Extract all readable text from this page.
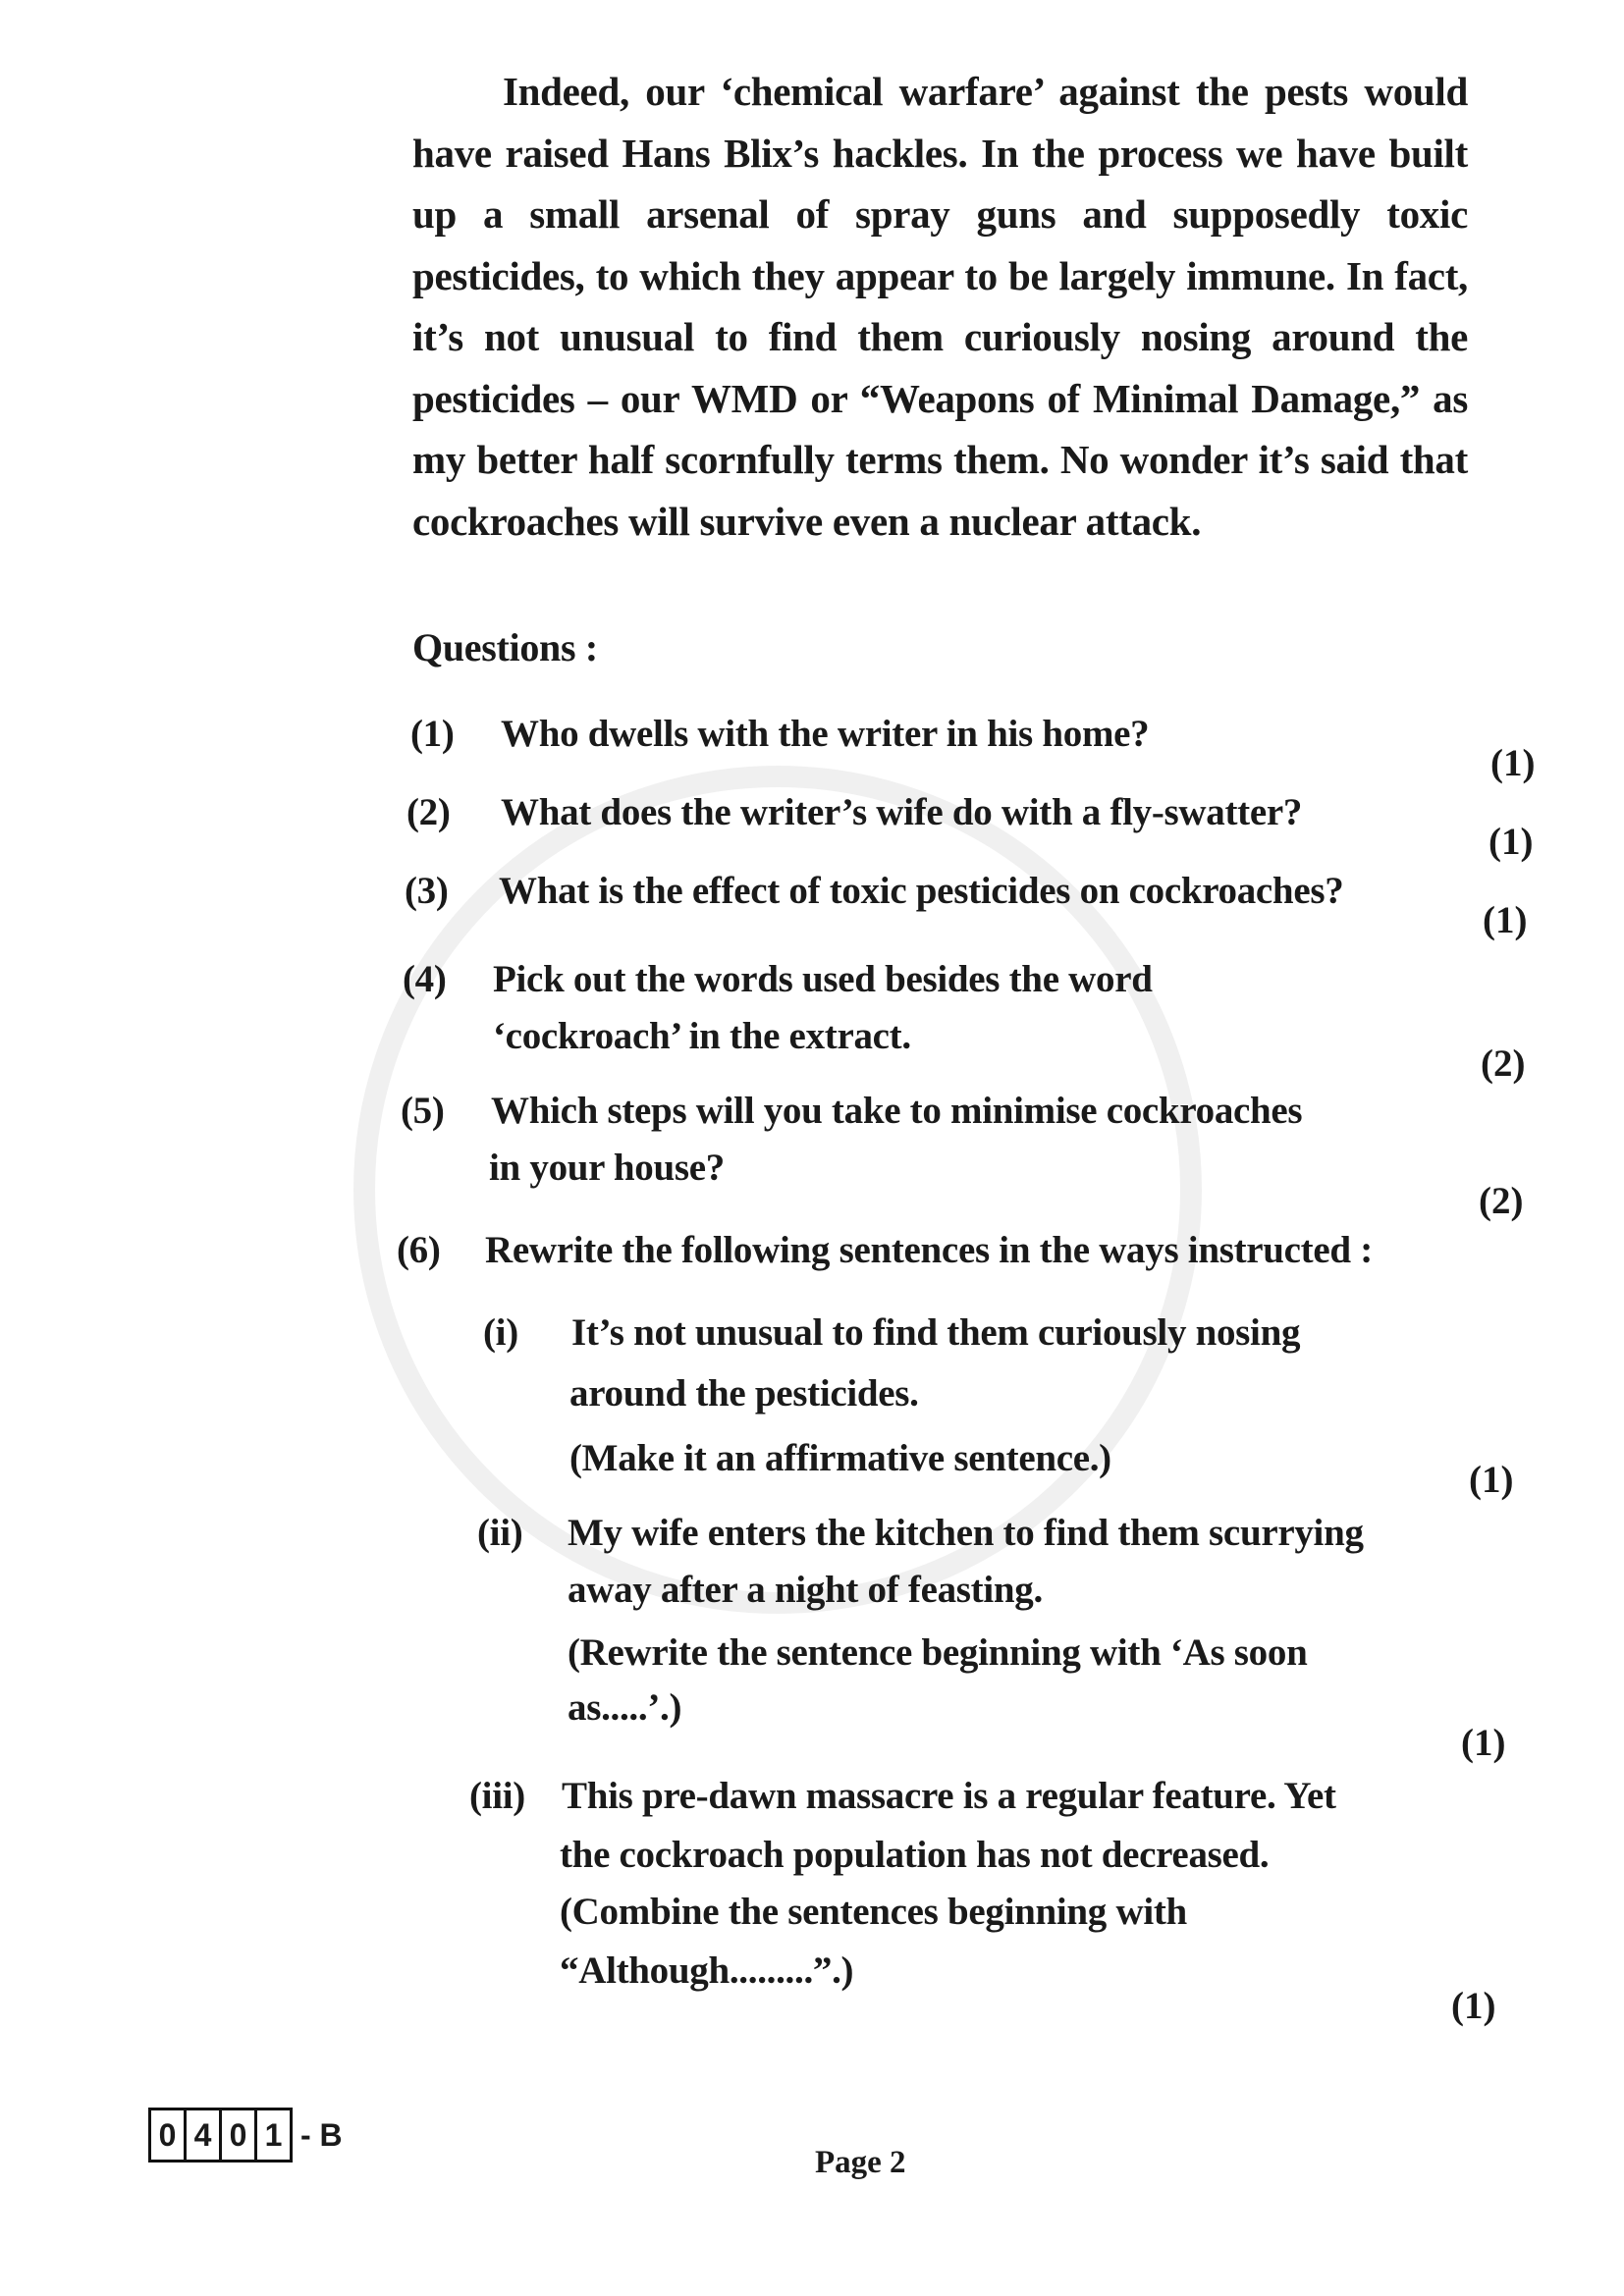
Indeed, our ‘chemical warfare’ against the pests would have raised Hans Blix’s hackles. In the process we have built up a small arsenal of spray guns and supposedly toxic pesticides, to which they appear to be largely immune. In fact, it’s not unusual to find them curiously nosing around the pesticides – our WMD or “Weapons of Minimal Damage,” as my better half scornfully terms them. No wonder it’s said that cockroaches will survive even a nuclear attack.
Questions :
(1) Who dwells with the writer in his home?
(1)
(2) What does the writer’s wife do with a fly-swatter?
(1)
(3) What is the effect of toxic pesticides on cockroaches?
(1)
(4) Pick out the words used besides the word
‘cockroach’ in the extract.
(2)
(5) Which steps will you take to minimise cockroaches
in your house?
(2)
(6) Rewrite the following sentences in the ways instructed :
(i) It’s not unusual to find them curiously nosing
around the pesticides.
(Make it an affirmative sentence.)
(1)
(ii) My wife enters the kitchen to find them scurrying
away after a night of feasting.
(Rewrite the sentence beginning with ‘As soon
as.....’.)
(1)
(iii) This pre-dawn massacre is a regular feature. Yet
the cockroach population has not decreased.
(Combine the sentences beginning with
“Although.........”.)
(1)
0 4 0 1 - B
Page 2
